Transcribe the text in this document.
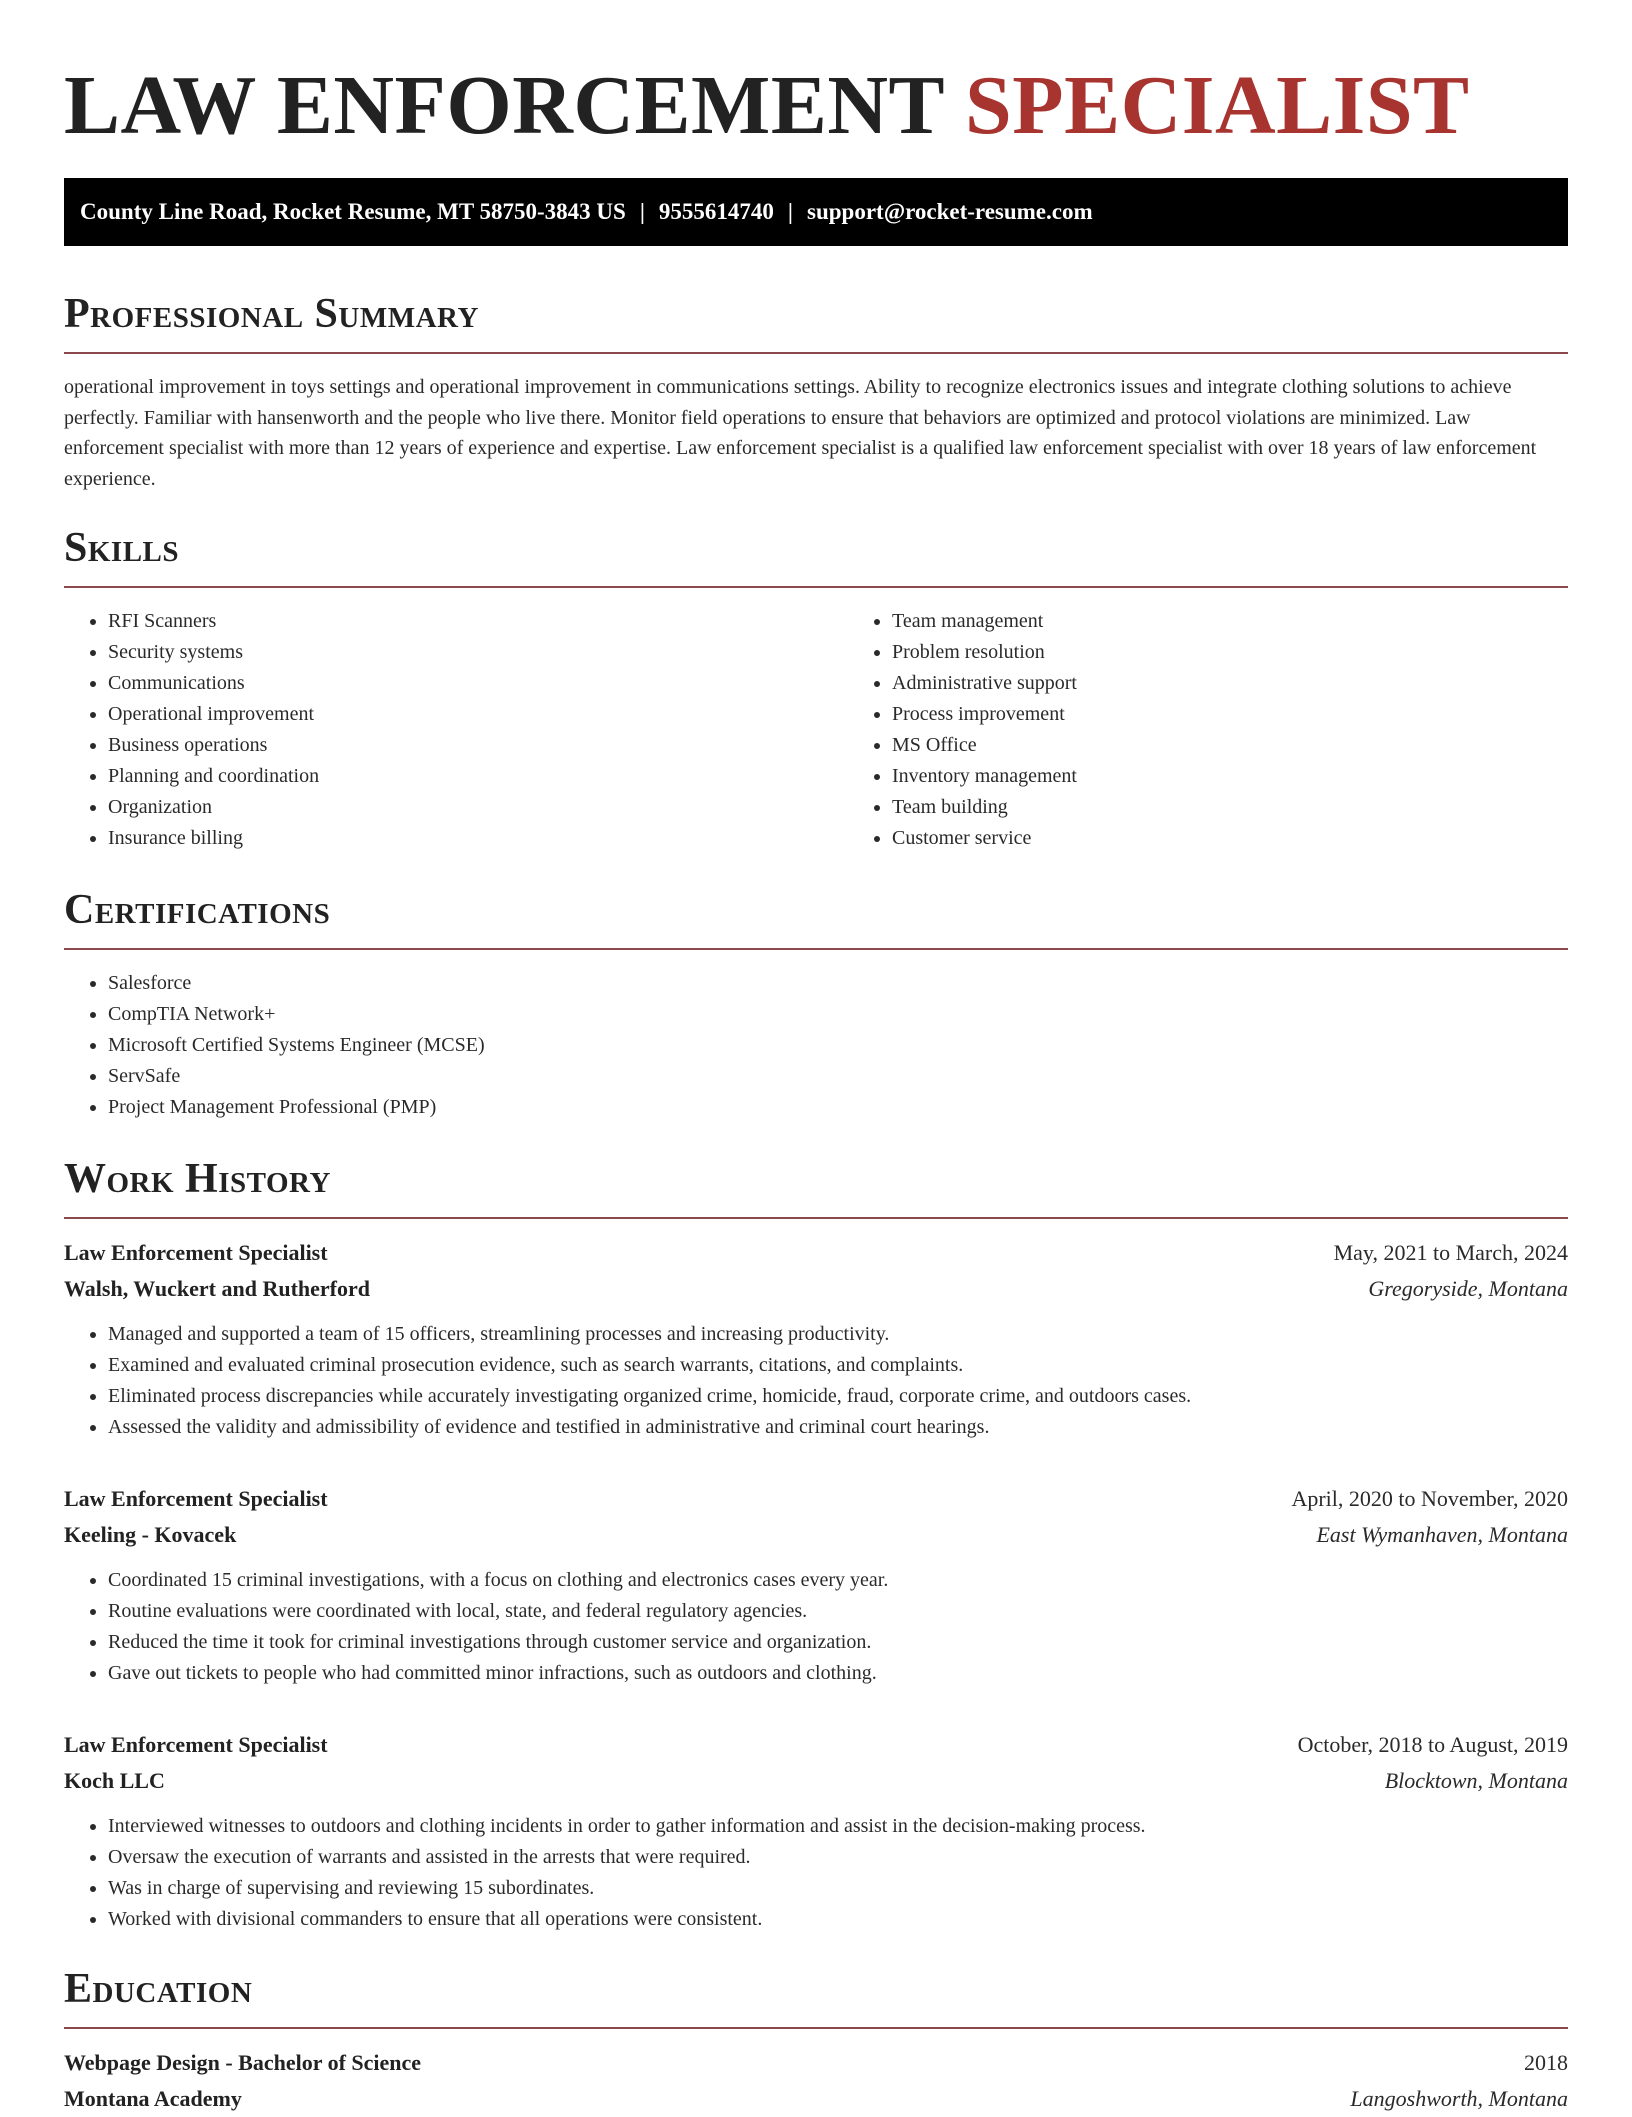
LAW ENFORCEMENT SPECIALIST
County Line Road, Rocket Resume, MT 58750-3843 US | 9555614740 | support@rocket-resume.com
Professional Summary

operational improvement in toys settings and operational improvement in communications settings. Ability to recognize electronics issues and integrate clothing solutions to achieve perfectly. Familiar with hansenworth and the people who live there. Monitor field operations to ensure that behaviors are optimized and protocol violations are minimized. Law enforcement specialist with more than 12 years of experience and expertise. Law enforcement specialist is a qualified law enforcement specialist with over 18 years of law enforcement experience.

Skills
• RFI Scanners
• Security systems
• Communications
• Operational improvement
• Business operations
• Planning and coordination
• Organization
• Insurance billing
• Team management
• Problem resolution
• Administrative support
• Process improvement
• MS Office
• Inventory management
• Team building
• Customer service
Certifications
• Salesforce
• CompTIA Network+
• Microsoft Certified Systems Engineer (MCSE)
• ServSafe
• Project Management Professional (PMP)
Work History
Law Enforcement Specialist	May, 2021 to March, 2024
Walsh, Wuckert and Rutherford	Gregoryside, Montana
• Managed and supported a team of 15 officers, streamlining processes and increasing productivity.
• Examined and evaluated criminal prosecution evidence, such as search warrants, citations, and complaints.
• Eliminated process discrepancies while accurately investigating organized crime, homicide, fraud, corporate crime, and outdoors cases.
• Assessed the validity and admissibility of evidence and testified in administrative and criminal court hearings.
Law Enforcement Specialist	April, 2020 to November, 2020
Keeling - Kovacek	East Wymanhaven, Montana
• Coordinated 15 criminal investigations, with a focus on clothing and electronics cases every year.
• Routine evaluations were coordinated with local, state, and federal regulatory agencies.
• Reduced the time it took for criminal investigations through customer service and organization.
• Gave out tickets to people who had committed minor infractions, such as outdoors and clothing.
Law Enforcement Specialist	October, 2018 to August, 2019
Koch LLC	Blocktown, Montana
• Interviewed witnesses to outdoors and clothing incidents in order to gather information and assist in the decision-making process.
• Oversaw the execution of warrants and assisted in the arrests that were required.
• Was in charge of supervising and reviewing 15 subordinates.
• Worked with divisional commanders to ensure that all operations were consistent.
Education
Webpage Design - Bachelor of Science	2018
Montana Academy	Langoshworth, Montana
